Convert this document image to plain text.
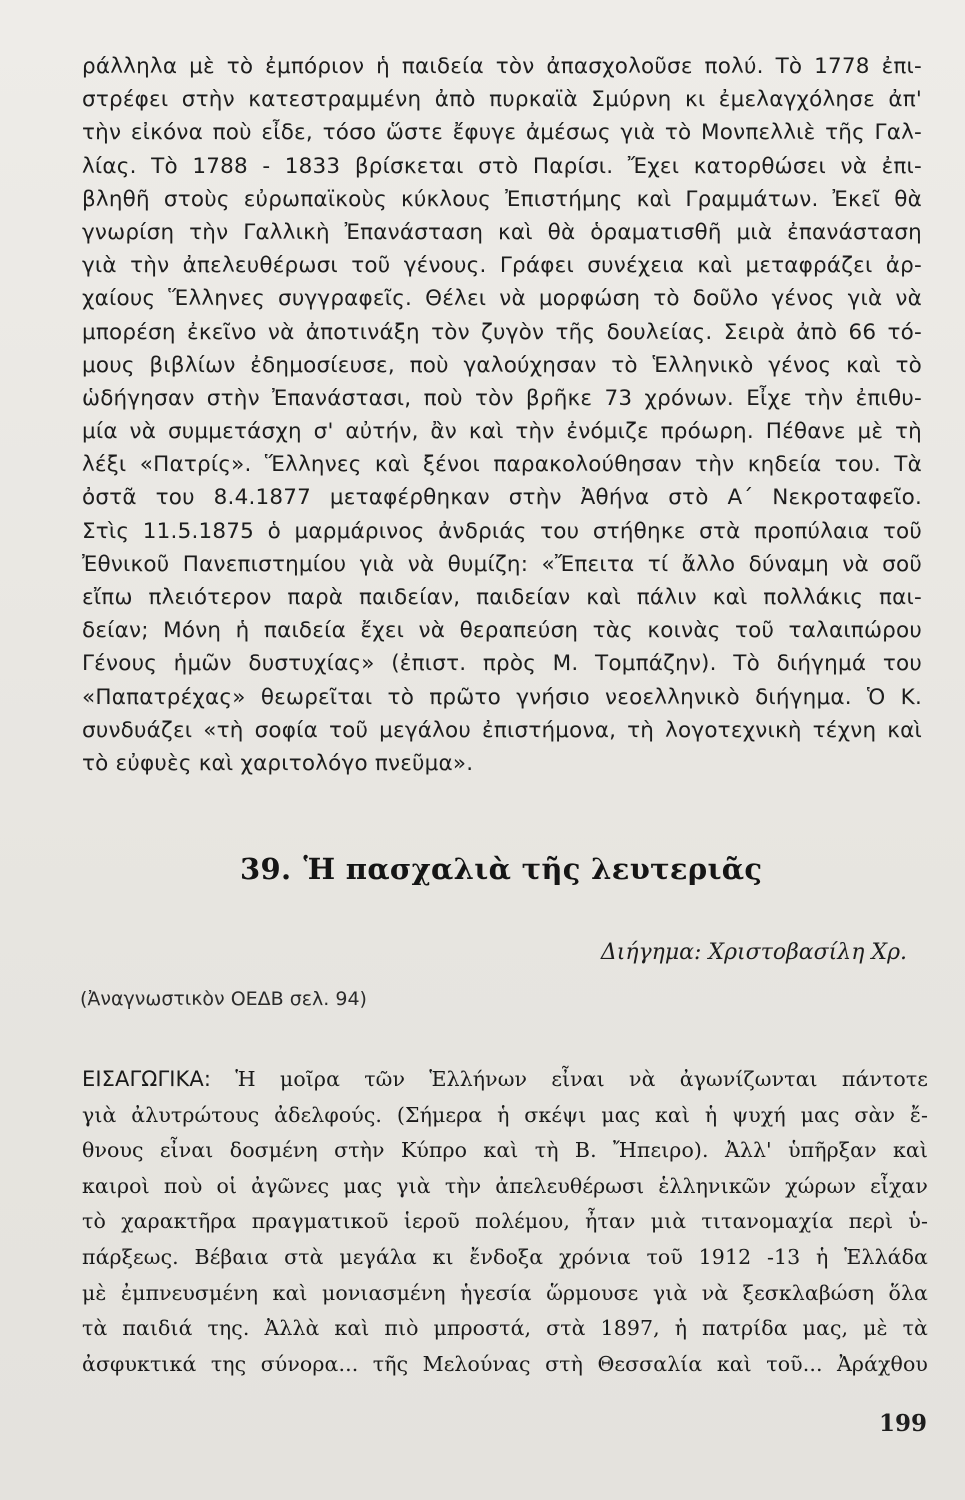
ράλληλα μὲ τὸ ἐμπόριον ἡ παιδεία τὸν ἀπασχολοῦσε πολύ. Τὸ 1778 ἐπι-
στρέφει στὴν κατεστραμμένη ἀπὸ πυρκαϊὰ Σμύρνη κι ἐμελαγχόλησε ἀπ'
τὴν εἰκόνα ποὺ εἶδε, τόσο ὥστε ἔφυγε ἀμέσως γιὰ τὸ Μονπελλιὲ τῆς Γαλ-
λίας. Τὸ 1788 - 1833 βρίσκεται στὸ Παρίσι. Ἔχει κατορθώσει νὰ ἐπι-
βληθῆ στοὺς εὐρωπαϊκοὺς κύκλους Ἐπιστήμης καὶ Γραμμάτων. Ἐκεῖ θὰ
γνωρίση τὴν Γαλλικὴ Ἐπανάσταση καὶ θὰ ὁραματισθῆ μιὰ ἐπανάσταση
γιὰ τὴν ἀπελευθέρωσι τοῦ γένους. Γράφει συνέχεια καὶ μεταφράζει ἀρ-
χαίους Ἕλληνες συγγραφεῖς. Θέλει νὰ μορφώση τὸ δοῦλο γένος γιὰ νὰ
μπορέση ἐκεῖνο νὰ ἀποτινάξη τὸν ζυγὸν τῆς δουλείας. Σειρὰ ἀπὸ 66 τό-
μους βιβλίων ἐδημοσίευσε, ποὺ γαλούχησαν τὸ Ἑλληνικὸ γένος καὶ τὸ
ὡδήγησαν στὴν Ἐπανάστασι, ποὺ τὸν βρῆκε 73 χρόνων. Εἶχε τὴν ἐπιθυ-
μία νὰ συμμετάσχη σ' αὐτήν, ἂν καὶ τὴν ἐνόμιζε πρόωρη. Πέθανε μὲ τὴ
λέξι «Πατρίς». Ἕλληνες καὶ ξένοι παρακολούθησαν τὴν κηδεία του. Τὰ
ὀστᾶ του 8.4.1877 μεταφέρθηκαν στὴν Ἀθήνα στὸ Α΄ Νεκροταφεῖο.
Στὶς 11.5.1875 ὁ μαρμάρινος ἀνδριάς του στήθηκε στὰ προπύλαια τοῦ
Ἐθνικοῦ Πανεπιστημίου γιὰ νὰ θυμίζη: «Ἔπειτα τί ἄλλο δύναμη νὰ σοῦ
εἴπω πλειότερον παρὰ παιδείαν, παιδείαν καὶ πάλιν καὶ πολλάκις παι-
δείαν; Μόνη ἡ παιδεία ἔχει νὰ θεραπεύση τὰς κοινὰς τοῦ ταλαιπώρου
Γένους ἡμῶν δυστυχίας» (ἐπιστ. πρὸς Μ. Τομπάζην). Τὸ διήγημά του
«Παπατρέχας» θεωρεῖται τὸ πρῶτο γνήσιο νεοελληνικὸ διήγημα. Ὁ Κ.
συνδυάζει «τὴ σοφία τοῦ μεγάλου ἐπιστήμονα, τὴ λογοτεχνικὴ τέχνη καὶ
τὸ εὐφυὲς καὶ χαριτολόγο πνεῦμα».
39. Ἡ πασχαλιὰ τῆς λευτεριᾶς
Διήγημα: Χριστοβασίλη Χρ.
(Ἀναγνωστικὸν ΟΕΔΒ σελ. 94)
ΕΙΣΑΓΩΓΙΚΑ: Ἡ μοῖρα τῶν Ἑλλήνων εἶναι νὰ ἀγωνίζωνται πάντοτε
γιὰ ἀλυτρώτους ἀδελφούς. (Σήμερα ἡ σκέψι μας καὶ ἡ ψυχή μας σὰν ἔ-
θνους εἶναι δοσμένη στὴν Κύπρο καὶ τὴ Β. Ἤπειρο). Ἀλλ' ὑπῆρξαν καὶ
καιροὶ ποὺ οἱ ἀγῶνες μας γιὰ τὴν ἀπελευθέρωσι ἑλληνικῶν χώρων εἶχαν
τὸ χαρακτῆρα πραγματικοῦ ἱεροῦ πολέμου, ἦταν μιὰ τιτανομαχία περὶ ὑ-
πάρξεως. Βέβαια στὰ μεγάλα κι ἔνδοξα χρόνια τοῦ 1912 -13 ἡ Ἑλλάδα
μὲ ἐμπνευσμένη καὶ μονιασμένη ἡγεσία ὥρμουσε γιὰ νὰ ξεσκλαβώση ὅλα
τὰ παιδιά της. Ἀλλὰ καὶ πιὸ μπροστά, στὰ 1897, ἡ πατρίδα μας, μὲ τὰ
ἀσφυκτικά της σύνορα... τῆς Μελούνας στὴ Θεσσαλία καὶ τοῦ... Ἀράχθου
199
